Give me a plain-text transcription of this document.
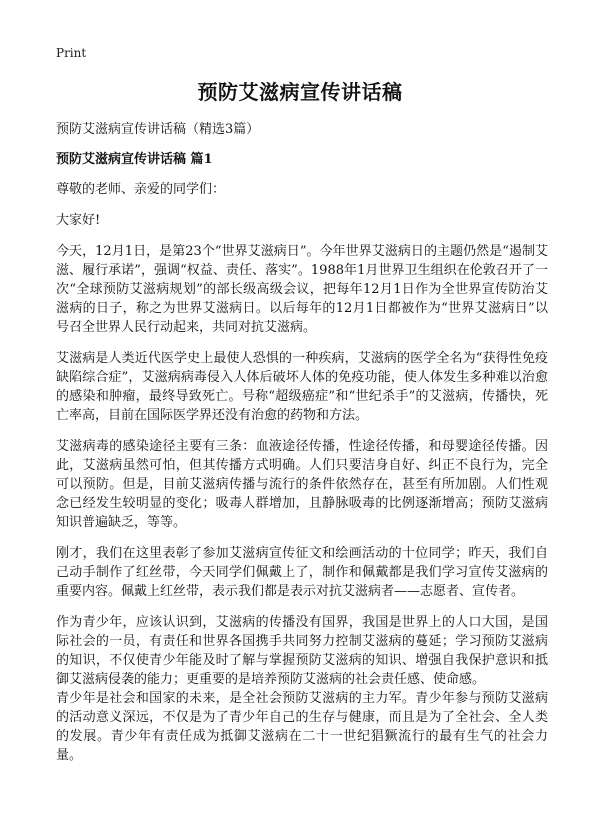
Print
预防艾滋病宣传讲话稿
预防艾滋病宣传讲话稿（精选3篇）
预防艾滋病宣传讲话稿 篇1

尊敬的老师、亲爱的同学们：

大家好!

今天，12月1日，是第23个“世界艾滋病日”。今年世界艾滋病日的主题仍然是“遏制艾滋、履行承诺”，强调“权益、责任、落实”。1988年1月世界卫生组织在伦敦召开了一次“全球预防艾滋病规划”的部长级高级会议，把每年12月1日作为全世界宣传防治艾滋病的日子，称之为世界艾滋病日。以后每年的12月1日都被作为“世界艾滋病日”以号召全世界人民行动起来，共同对抗艾滋病。

艾滋病是人类近代医学史上最使人恐惧的一种疾病，艾滋病的医学全名为“获得性免疫缺陷综合症”，艾滋病病毒侵入人体后破坏人体的免疫功能，使人体发生多种难以治愈的感染和肿瘤，最终导致死亡。号称“超级癌症”和“世纪杀手”的艾滋病，传播快，死亡率高，目前在国际医学界还没有治愈的药物和方法。

艾滋病毒的感染途径主要有三条：血液途径传播，性途径传播，和母婴途径传播。因此，艾滋病虽然可怕，但其传播方式明确。人们只要洁身自好、纠正不良行为，完全可以预防。但是，目前艾滋病传播与流行的条件依然存在，甚至有所加剧。人们性观念已经发生较明显的变化；吸毒人群增加，且静脉吸毒的比例逐渐增高；预防艾滋病知识普遍缺乏，等等。

刚才，我们在这里表彰了参加艾滋病宣传征文和绘画活动的十位同学；昨天，我们自己动手制作了红丝带，今天同学们佩戴上了，制作和佩戴都是我们学习宣传艾滋病的重要内容。佩戴上红丝带，表示我们都是表示对抗艾滋病者——志愿者、宣传者。

作为青少年，应该认识到，艾滋病的传播没有国界，我国是世界上的人口大国，是国际社会的一员，有责任和世界各国携手共同努力控制艾滋病的蔓延；学习预防艾滋病的知识，不仅使青少年能及时了解与掌握预防艾滋病的知识、增强自我保护意识和抵御艾滋病侵袭的能力；更重要的是培养预防艾滋病的社会责任感、使命感。

青少年是社会和国家的未来，是全社会预防艾滋病的主力军。青少年参与预防艾滋病的活动意义深远，不仅是为了青少年自己的生存与健康，而且是为了全社会、全人类的发展。青少年有责任成为抵御艾滋病在二十一世纪猖獗流行的最有生气的社会力量。
